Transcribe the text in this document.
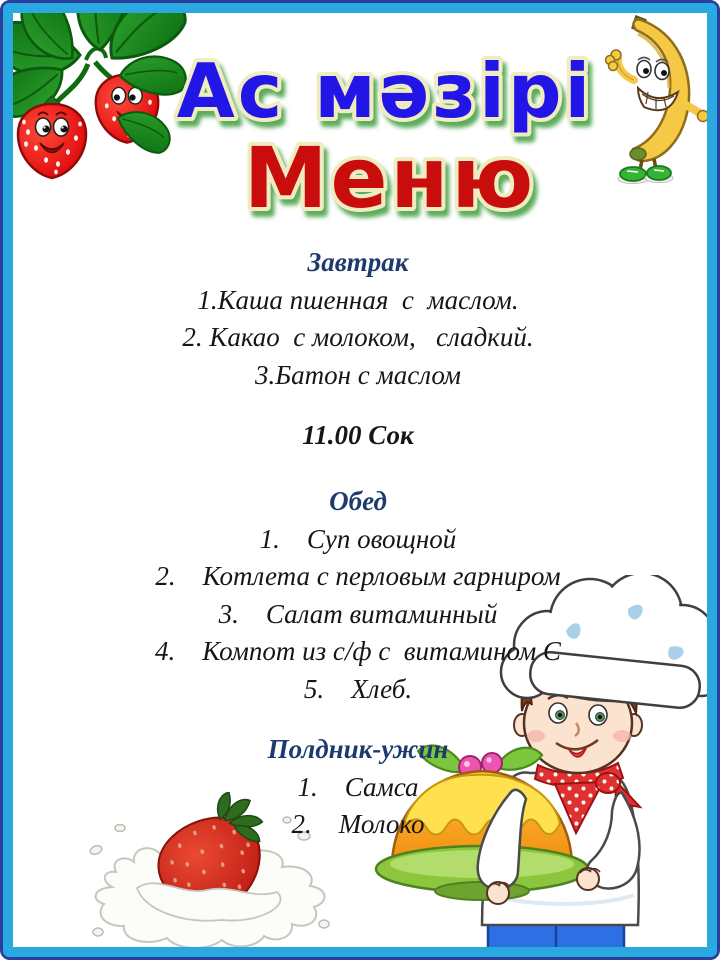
Ас мәзірі
Меню
Завтрак
1.Каша пшенная  с  маслом.
2. Какао  с молоком,   сладкий.
3.Батон с маслом
11.00 Сок
Обед
1.    Суп овощной
2.    Котлета с перловым гарниром
3.    Салат витаминный
4.    Компот из с/ф с  витамином С
5.    Хлеб.
Полдник-ужин
1.    Самса
2.    Молоко
